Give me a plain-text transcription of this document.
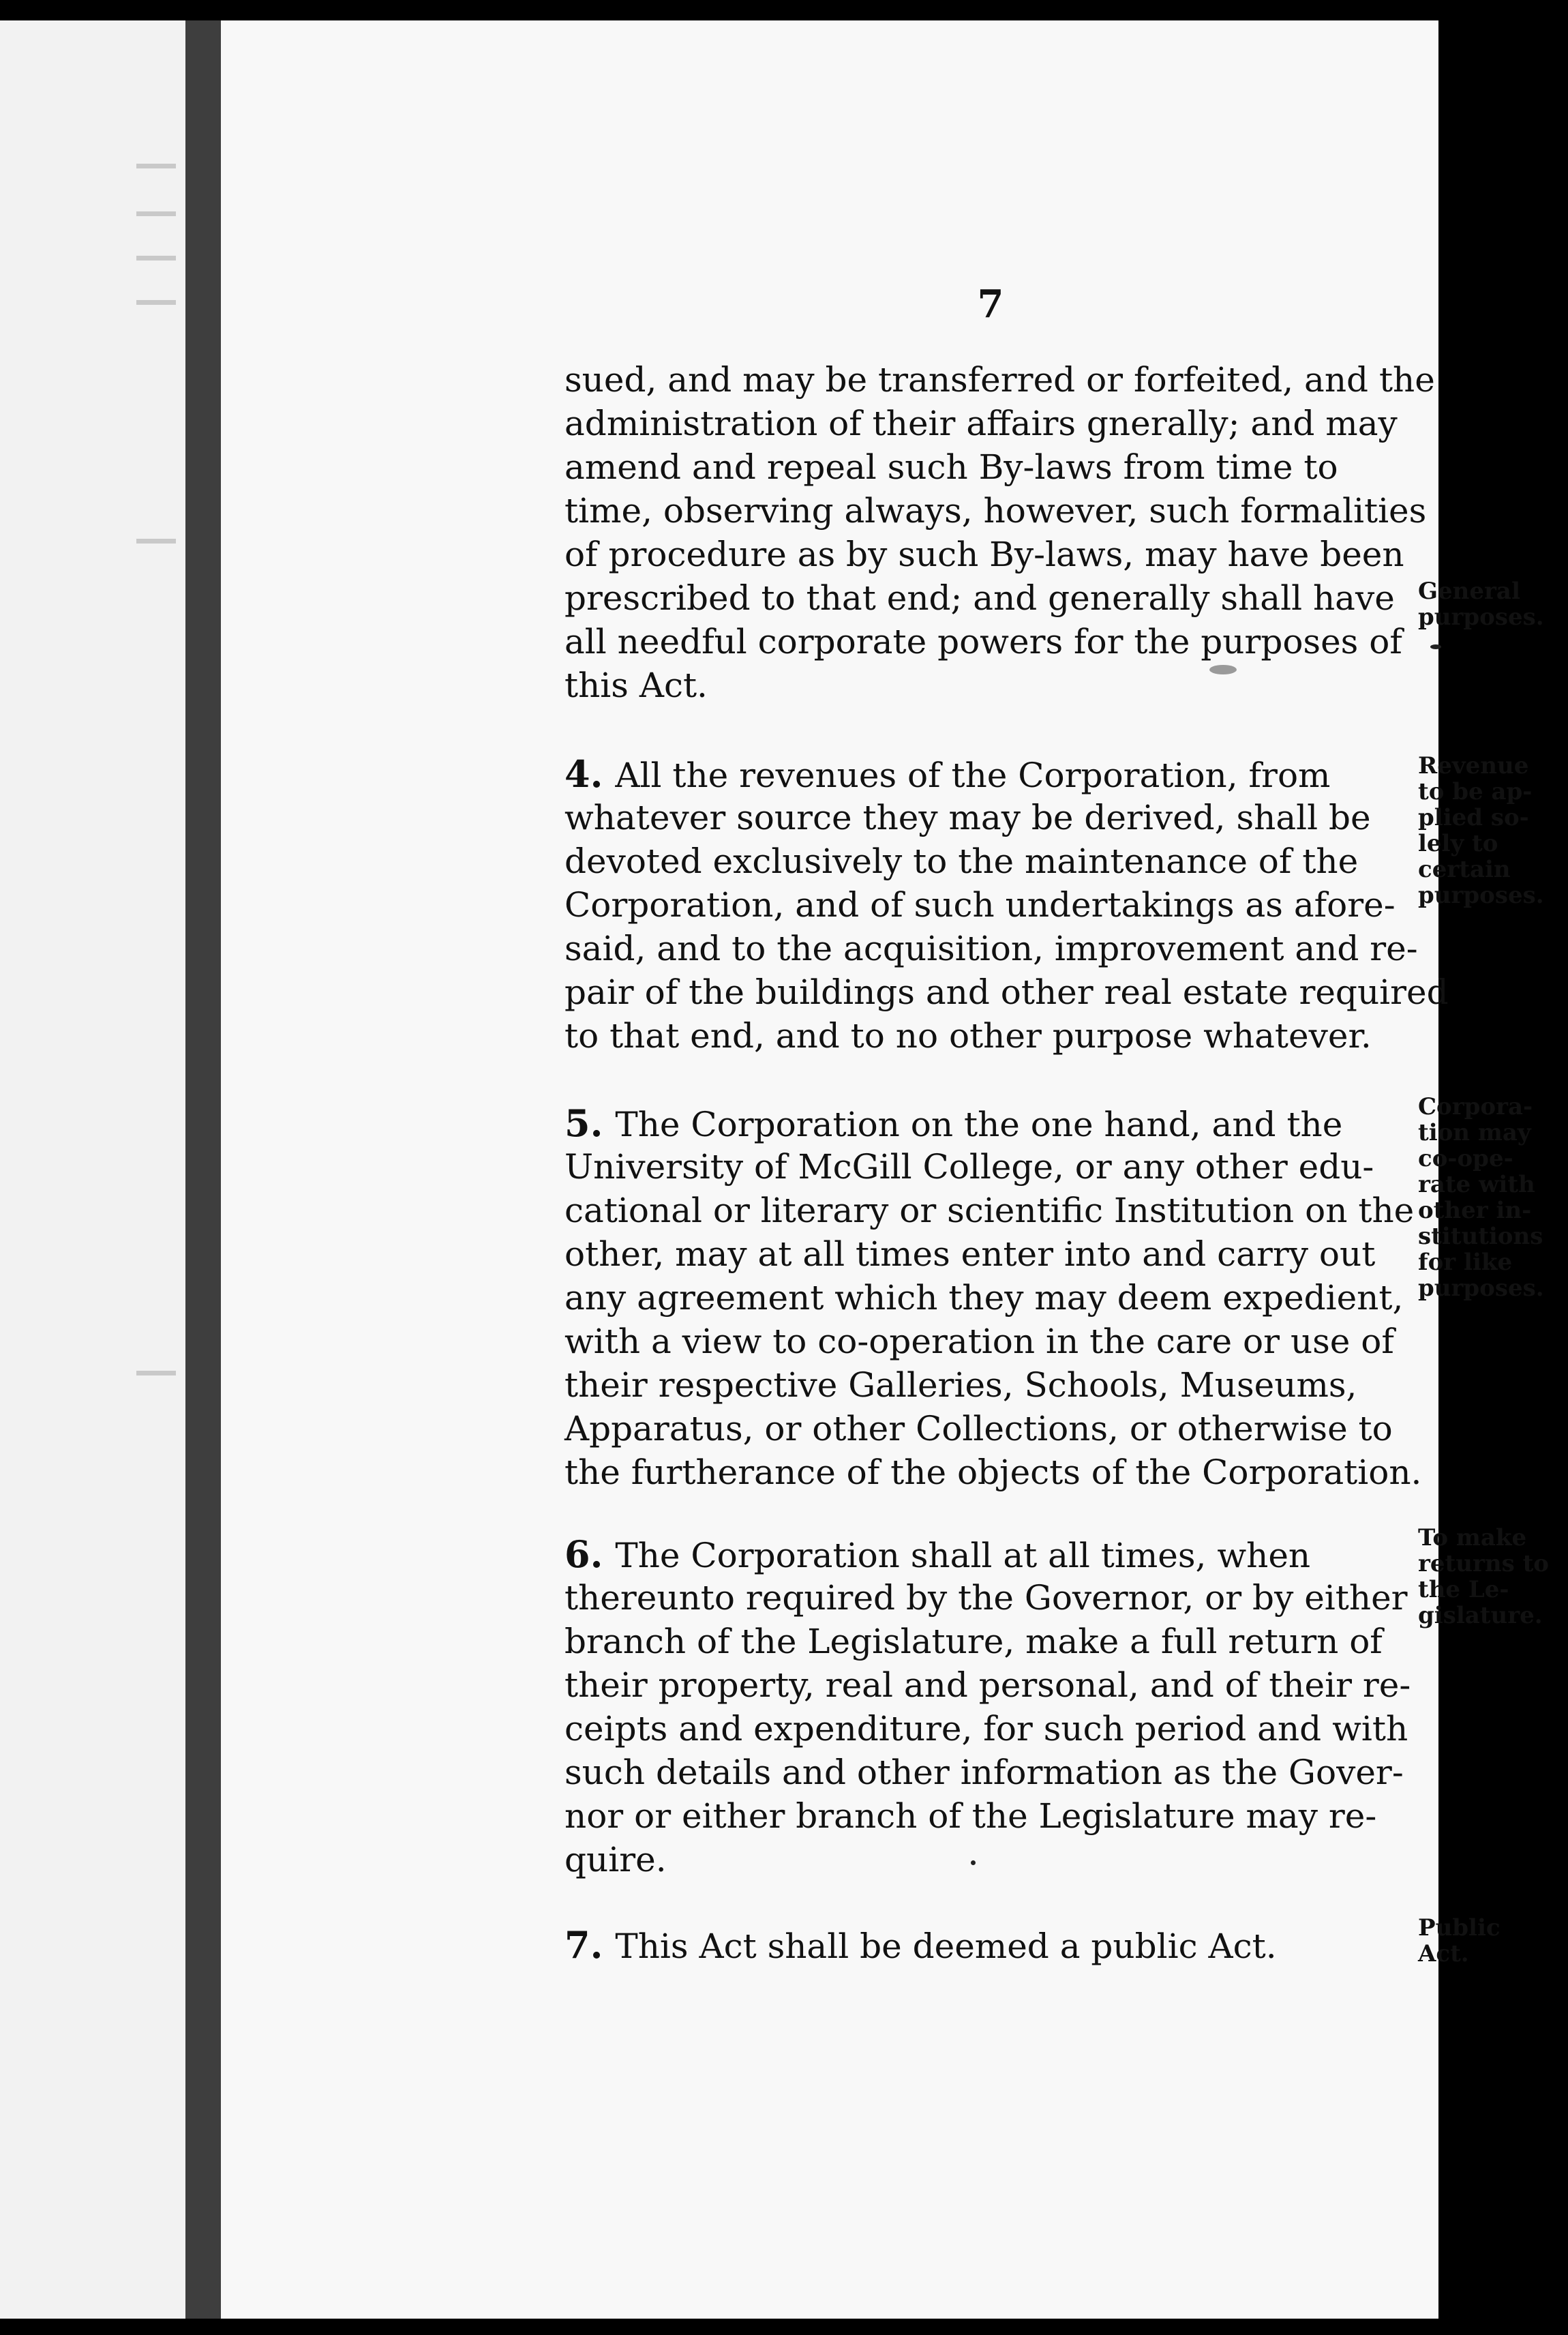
7
sued, and may be transferred or forfeited, and the
administration of their affairs gnerally; and may
amend and repeal such By-laws from time to
time, observing always, however, such formalities
of procedure as by such By-laws, may have been
prescribed to that end; and generally shall have
all needful corporate powers for the purposes of
this Act.
4. All the revenues of the Corporation, from
whatever source they may be derived, shall be
devoted exclusively to the maintenance of the
Corporation, and of such undertakings as afore-
said, and to the acquisition, improvement and re-
pair of the buildings and other real estate required
to that end, and to no other purpose whatever.
5. The Corporation on the one hand, and the
University of McGill College, or any other edu-
cational or literary or scientific Institution on the
other, may at all times enter into and carry out
any agreement which they may deem expedient,
with a view to co-operation in the care or use of
their respective Galleries, Schools, Museums,
Apparatus, or other Collections, or otherwise to
the furtherance of the objects of the Corporation.
6. The Corporation shall at all times, when
thereunto required by the Governor, or by either
branch of the Legislature, make a full return of
their property, real and personal, and of their re-
ceipts and expenditure, for such period and with
such details and other information as the Gover-
nor or either branch of the Legislature may re-
quire.
7. This Act shall be deemed a public Act.
General
purposes.
Revenue
to be ap-
plied so-
lely to
certain
purposes.
Corpora-
tion may
co-ope-
rate with
other in-
stitutions
for like
purposes.
To make
returns to
the Le-
gislature.
Public
Act.
